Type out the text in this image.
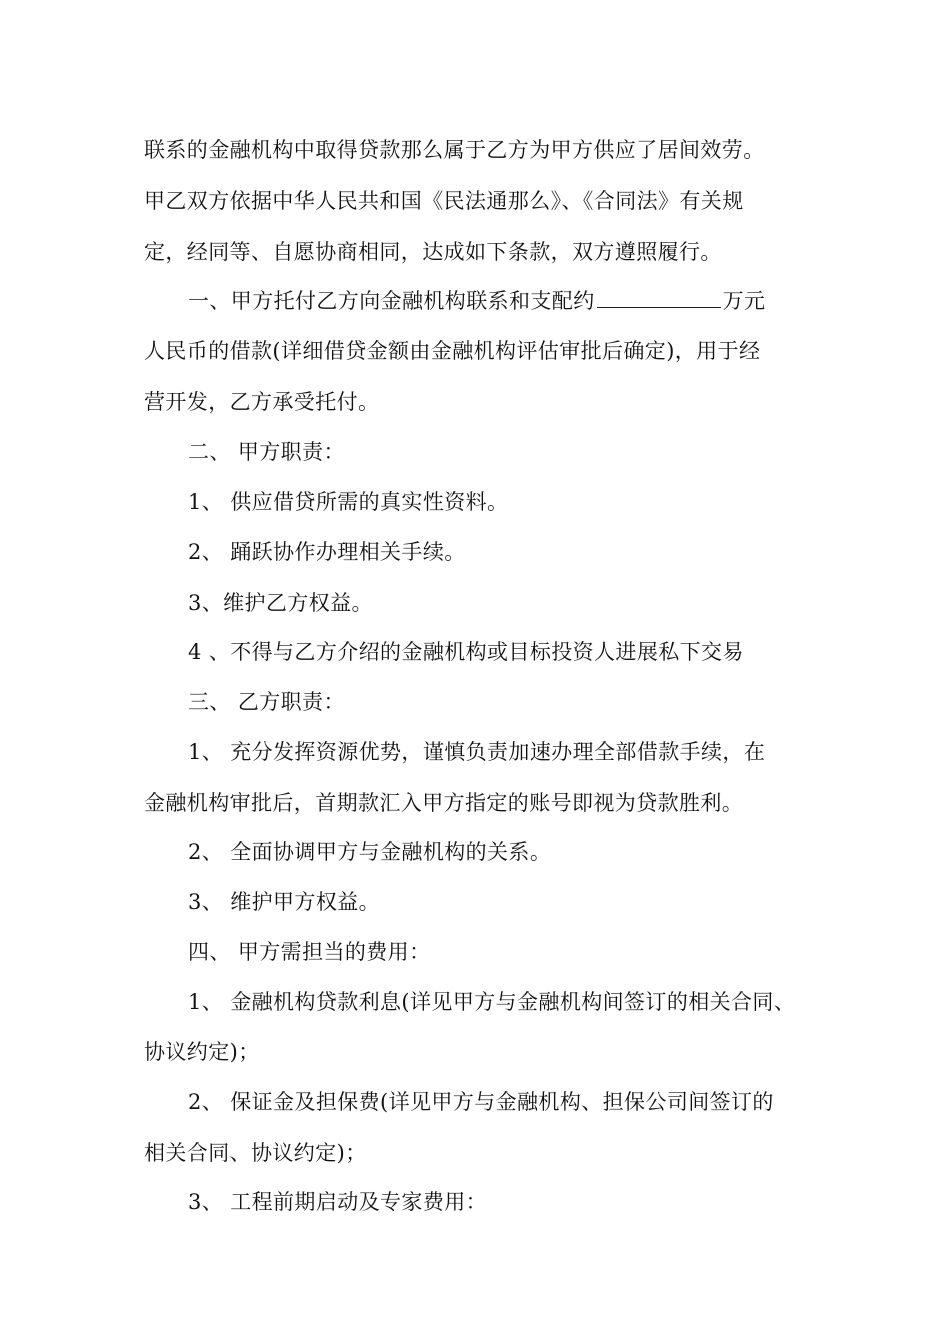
联系的金融机构中取得贷款那么属于乙方为甲方供应了居间效劳。
甲乙双方依据中华人民共和国《民法通那么》、《合同法》有关规
定，经同等、自愿协商相同，达成如下条款，双方遵照履行。
一、甲方托付乙方向金融机构联系和支配约	万元
人民币的借款(详细借贷金额由金融机构评估审批后确定)，用于经
营开发，乙方承受托付。
二、 甲方职责：
1、 供应借贷所需的真实性资料。
2、 踊跃协作办理相关手续。
3、维护乙方权益。
4 、不得与乙方介绍的金融机构或目标投资人进展私下交易
三、 乙方职责：
1、 充分发挥资源优势，谨慎负责加速办理全部借款手续，在
金融机构审批后，首期款汇入甲方指定的账号即视为贷款胜利。
2、 全面协调甲方与金融机构的关系。
3、 维护甲方权益。
四、 甲方需担当的费用：
1、 金融机构贷款利息(详见甲方与金融机构间签订的相关合同、
协议约定)；
2、 保证金及担保费(详见甲方与金融机构、担保公司间签订的
相关合同、协议约定)；
3、 工程前期启动及专家费用：
